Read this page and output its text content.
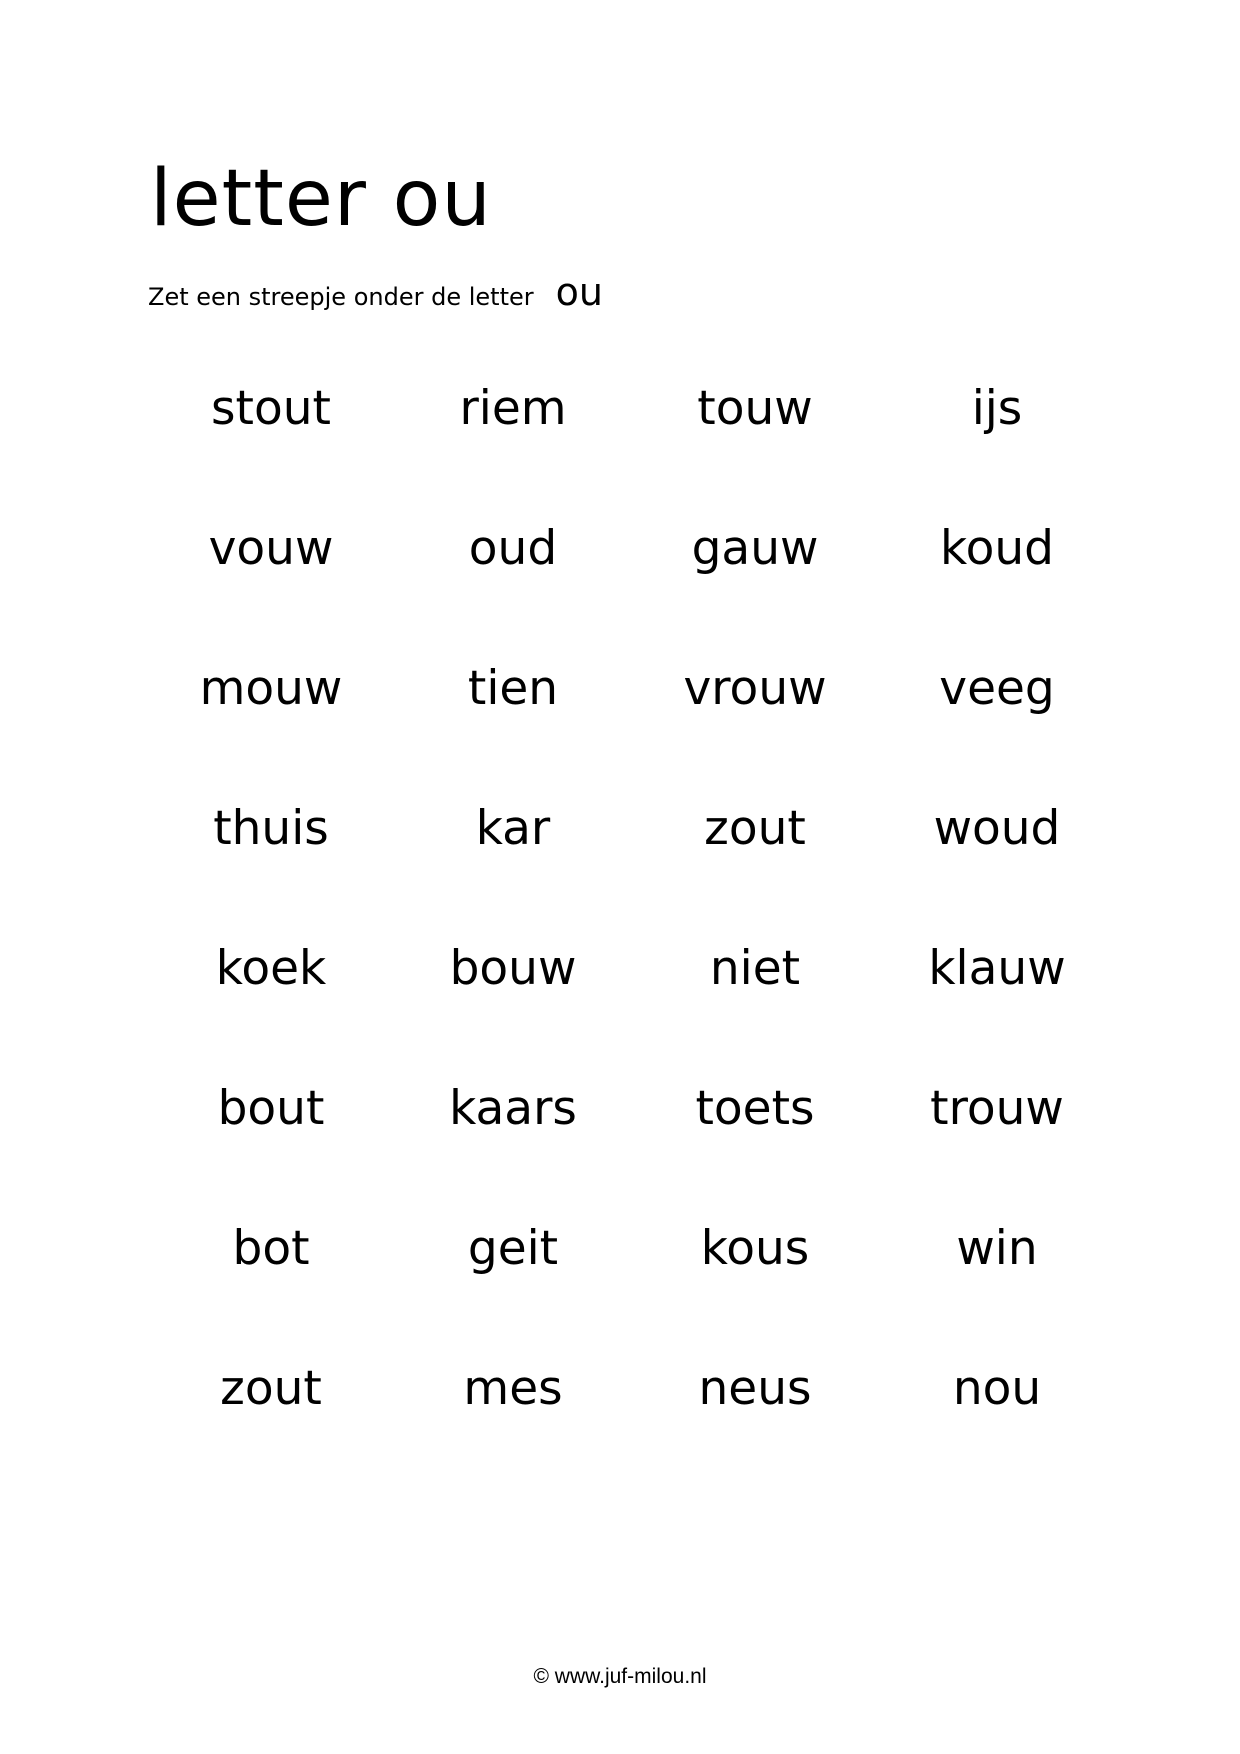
letter ou
Zet een streepje onder de letter ou
stout	riem	touw	ijs
vouw	oud	gauw	koud
mouw	tien	vrouw	veeg
thuis	kar	zout	woud
koek	bouw	niet	klauw
bout	kaars	toets	trouw
bot	geit	kous	win
zout	mes	neus	nou
© www.juf-milou.nl
